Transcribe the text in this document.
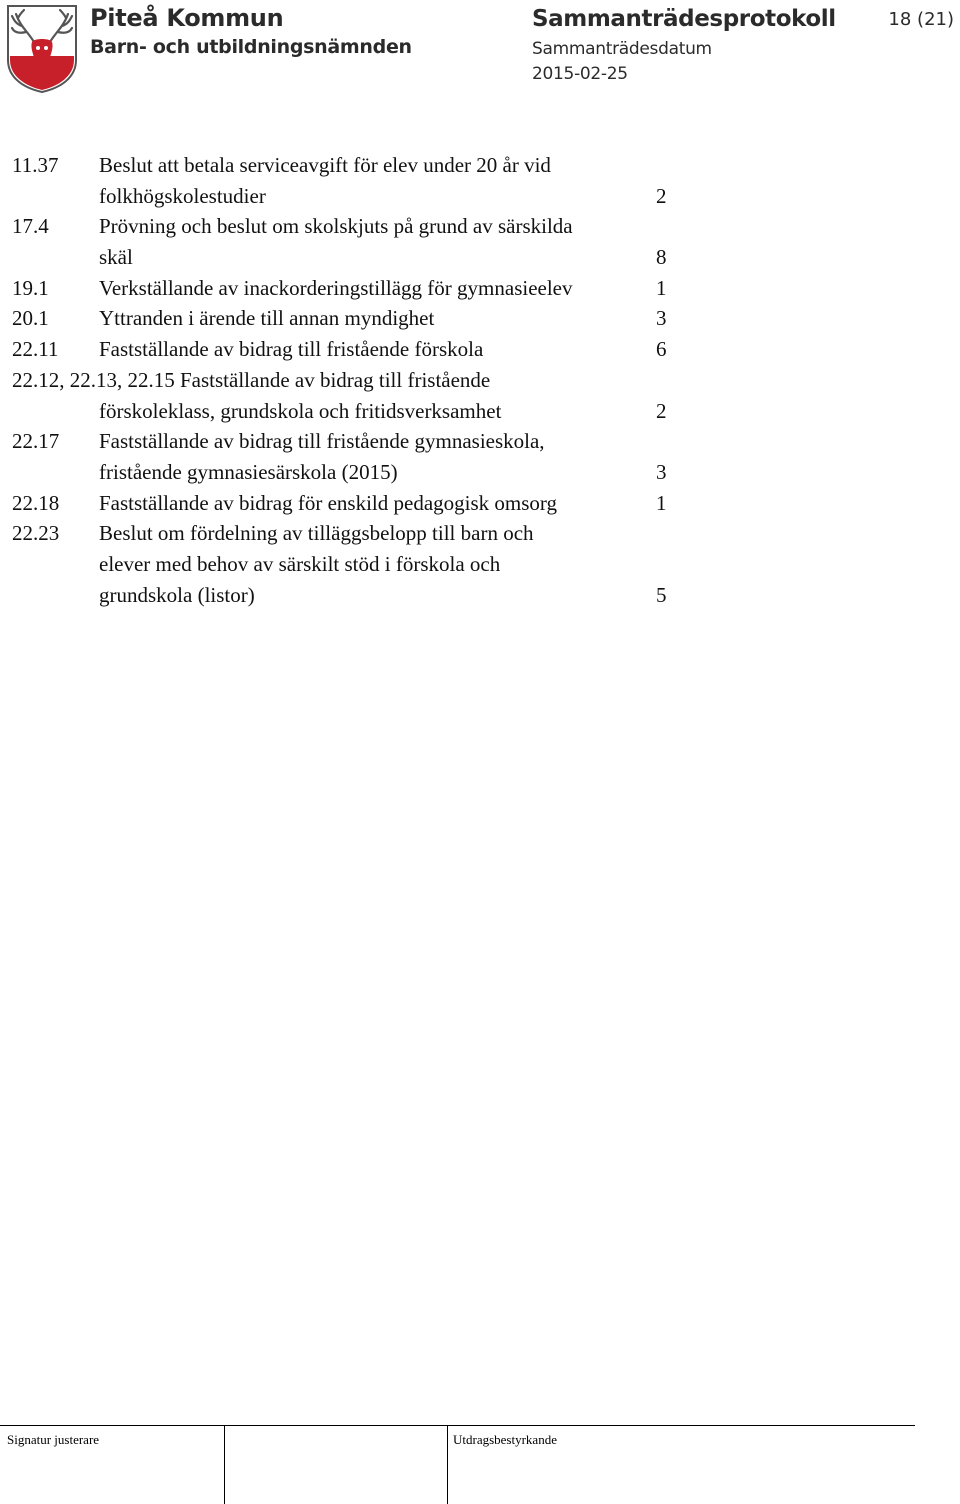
Piteå Kommun
Barn- och utbildningsnämnden
Sammanträdesprotokoll	18 (21)
Sammanträdesdatum
2015-02-25
11.37	Beslut att betala serviceavgift för elev under 20 år vid
folkhögskolestudier	2
17.4	Prövning och beslut om skolskjuts på grund av särskilda
skäl	8
19.1	Verkställande av inackorderingstillägg för gymnasieelev	1
20.1	Yttranden i ärende till annan myndighet	3
22.11	Fastställande av bidrag till fristående förskola	6
22.12, 22.13, 22.15 Fastställande av bidrag till fristående
förskoleklass, grundskola och fritidsverksamhet	2
22.17	Fastställande av bidrag till fristående gymnasieskola,
fristående gymnasiesärskola (2015)	3
22.18	Fastställande av bidrag för enskild pedagogisk omsorg	1
22.23	Beslut om fördelning av tilläggsbelopp till barn och
elever med behov av särskilt stöd i förskola och
grundskola (listor)	5
Signatur justerare	Utdragsbestyrkande
